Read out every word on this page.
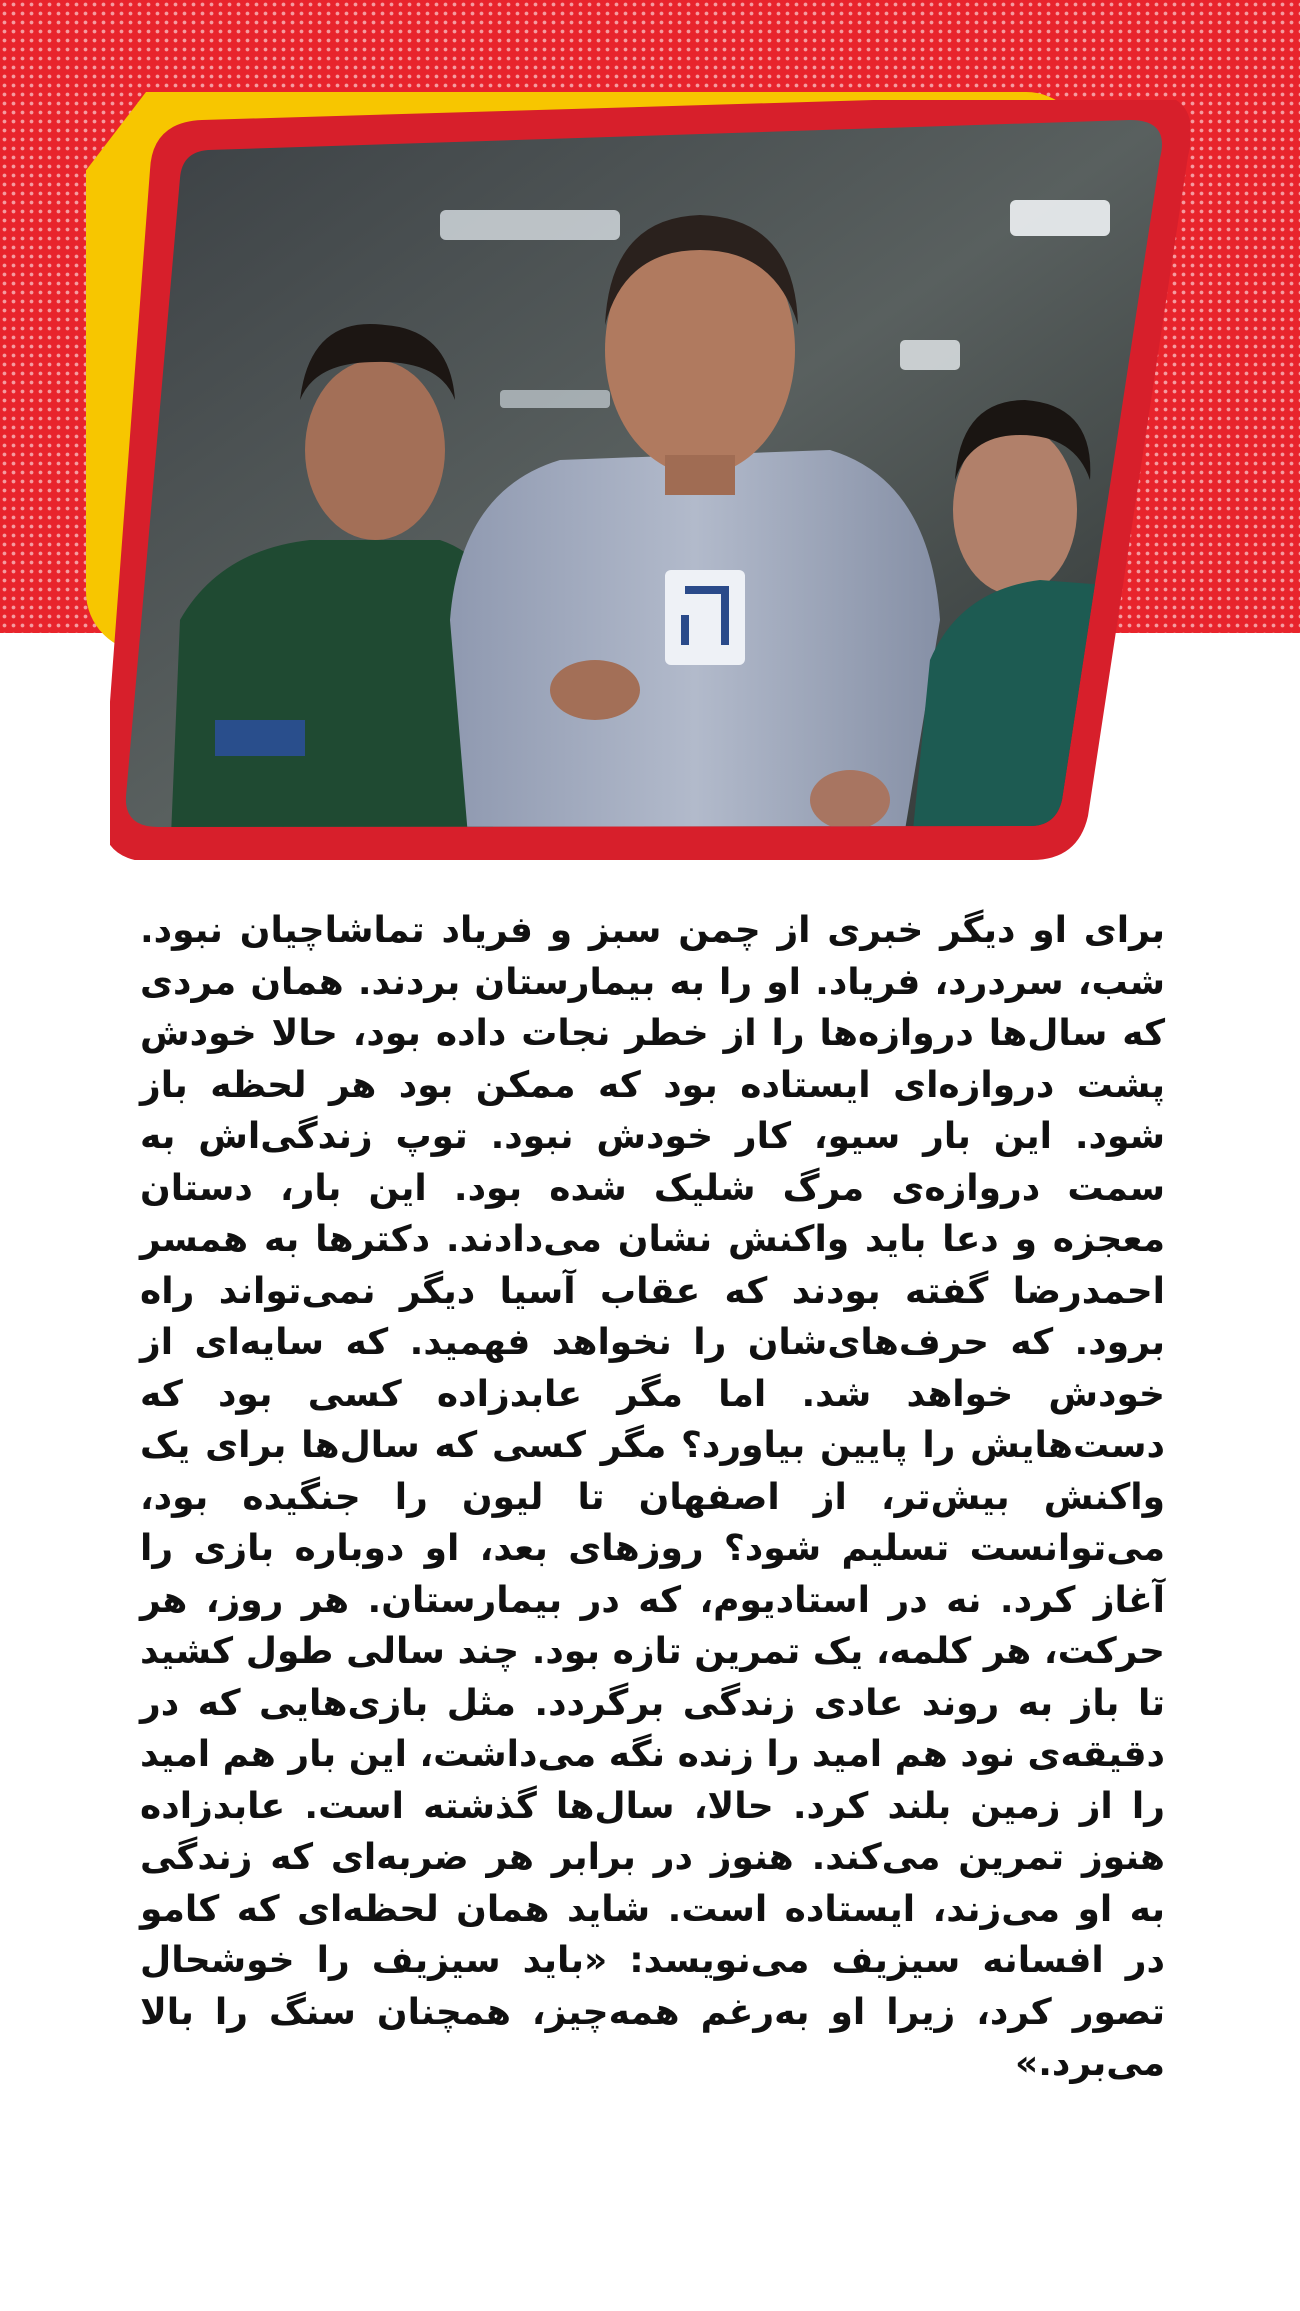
برای او دیگر خبری از چمن سبز و فریاد تماشاچیان نبود. شب، سردرد، فریاد. او را به بیمارستان بردند. همان مردی که سال‌ها دروازه‌ها را از خطر نجات داده بود، حالا خودش پشت دروازه‌ای ایستاده بود که ممکن بود هر لحظه باز شود. این بار سیو، کار خودش نبود. توپ زندگی‌اش به سمت دروازه‌ی مرگ شلیک شده بود. این بار، دستان معجزه و دعا باید واکنش نشان می‌دادند. دکترها به همسر احمدرضا گفته بودند که عقاب آسیا دیگر نمی‌تواند راه برود. که حرف‌های‌شان را نخواهد فهمید. که سایه‌ای از خودش خواهد شد. اما مگر عابدزاده کسی بود که دست‌هایش را پایین بیاورد؟ مگر کسی که سال‌ها برای یک واکنش بیش‌تر، از اصفهان تا لیون را جنگیده بود، می‌توانست تسلیم شود؟ روزهای بعد، او دوباره بازی را آغاز کرد. نه در استادیوم، که در بیمارستان. هر روز، هر حرکت، هر کلمه، یک تمرین تازه بود. چند سالی طول کشید تا باز به روند عادی زندگی برگردد. مثل بازی‌هایی که در دقیقه‌ی نود هم امید را زنده نگه می‌داشت، این بار هم امید را از زمین بلند کرد. حالا، سال‌ها گذشته است. عابدزاده هنوز تمرین می‌کند. هنوز در برابر هر ضربه‌ای که زندگی به او می‌زند، ایستاده است. شاید همان لحظه‌ای که کامو در افسانه سیزیف می‌نویسد: «باید سیزیف را خوشحال تصور کرد، زیرا او به‌رغم همه‌چیز، همچنان سنگ را بالا می‌برد.»
